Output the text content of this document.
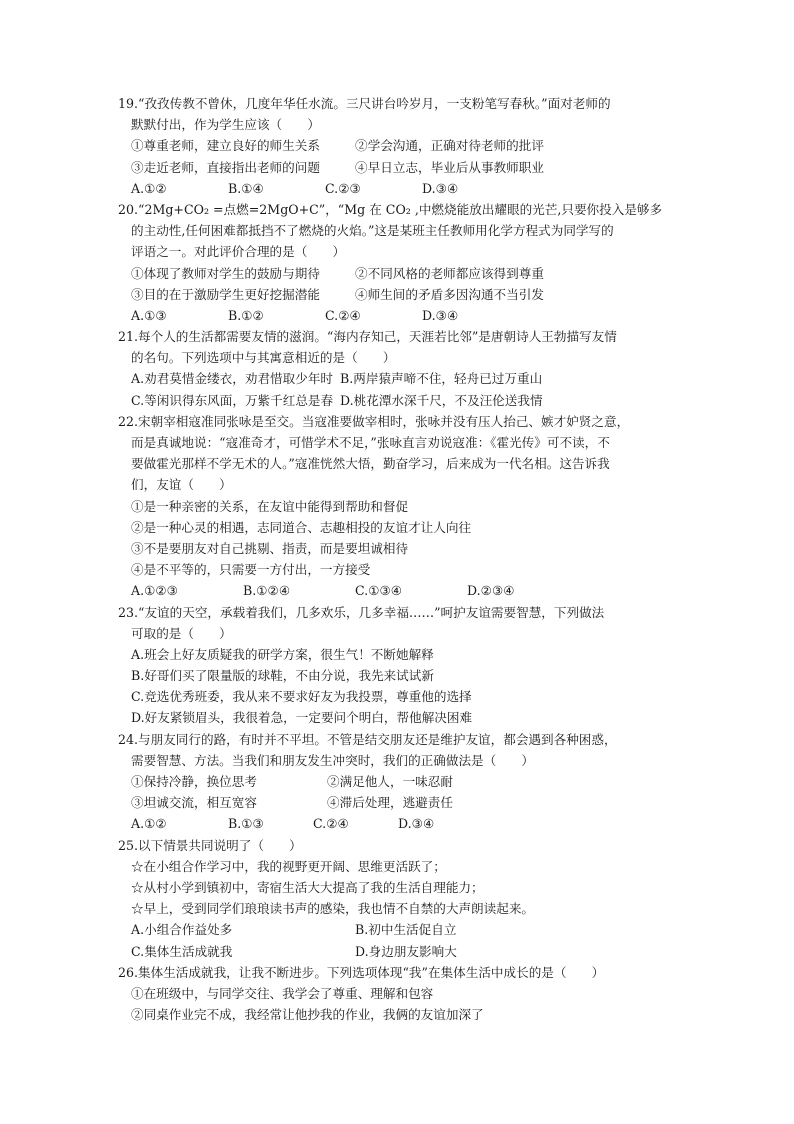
19.“孜孜传教不曾休，几度年华任水流。三尺讲台吟岁月，一支粉笔写春秋。”面对老师的
默默付出，作为学生应该（　　）
①尊重老师，建立良好的师生关系	②学会沟通，正确对待老师的批评
③走近老师，直接指出老师的问题	④早日立志，毕业后从事教师职业
A.①②	B.①④	C.②③	D.③④
20.“2Mg+CO₂ =点燃=2MgO+C”，“Mg 在 CO₂ ,中燃烧能放出耀眼的光芒,只要你投入是够多
的主动性,任何困难都抵挡不了燃烧的火焰。”这是某班主任教师用化学方程式为同学写的
评语之一。对此评价合理的是（　　）
①体现了教师对学生的鼓励与期待	②不同风格的老师都应该得到尊重
③目的在于激励学生更好挖掘潜能	④师生间的矛盾多因沟通不当引发
A.①③	B.①②	C.②④	D.③④
21.每个人的生活都需要友情的滋润。“海内存知己，天涯若比邻”是唐朝诗人王勃描写友情
的名句。下列选项中与其寓意相近的是（　　）
A.劝君莫惜金缕衣，劝君惜取少年时 B.两岸猿声啼不住，轻舟已过万重山
C.等闲识得东风面，万紫千红总是春 D.桃花潭水深千尺，不及汪伦送我情
22.宋朝宰相寇准同张咏是至交。当寇准要做宰相时，张咏并没有压人抬己、嫉才妒贤之意，
而是真诚地说：“寇准奇才，可惜学术不足，”张咏直言劝说寇准：《霍光传》可不读，不
要做霍光那样不学无术的人。”寇准恍然大悟，勤奋学习，后来成为一代名相。这告诉我
们，友谊（　　）
①是一种亲密的关系，在友谊中能得到帮助和督促
②是一种心灵的相遇，志同道合、志趣相投的友谊才让人向往
③不是要朋友对自己挑剔、指责，而是要坦诚相待
④是不平等的，只需要一方付出，一方接受
A.①②③	B.①②④	C.①③④	D.②③④
23.“友谊的天空，承载着我们，几多欢乐，几多幸福……”呵护友谊需要智慧，下列做法
可取的是（　　）
A.班会上好友质疑我的研学方案，很生气！不断她解释
B.好哥们买了限量版的球鞋，不由分说，我先来试试新
C.竞选优秀班委，我从来不要求好友为我投票，尊重他的选择
D.好友紧锁眉头，我很着急，一定要问个明白，帮他解决困难
24.与朋友同行的路，有时并不平坦。不管是结交朋友还是维护友谊，都会遇到各种困惑，
需要智慧、方法。当我们和朋友发生冲突时，我们的正确做法是（　　）
①保持冷静，换位思考	②满足他人，一味忍耐
③坦诚交流，相互宽容	④滞后处理，逃避责任
A.①②	B.①③	C.②④	D.③④
25.以下情景共同说明了（　　）
☆在小组合作学习中，我的视野更开阔、思维更活跃了；
☆从村小学到镇初中，寄宿生活大大提高了我的生活自理能力；
☆早上，受到同学们琅琅读书声的感染，我也情不自禁的大声朗读起来。
A.小组合作益处多	B.初中生活促自立
C.集体生活成就我	D.身边朋友影响大
26.集体生活成就我，让我不断进步。下列选项体现“我”在集体生活中成长的是（　　）
①在班级中，与同学交往、我学会了尊重、理解和包容
②同桌作业完不成，我经常让他抄我的作业，我俩的友谊加深了
